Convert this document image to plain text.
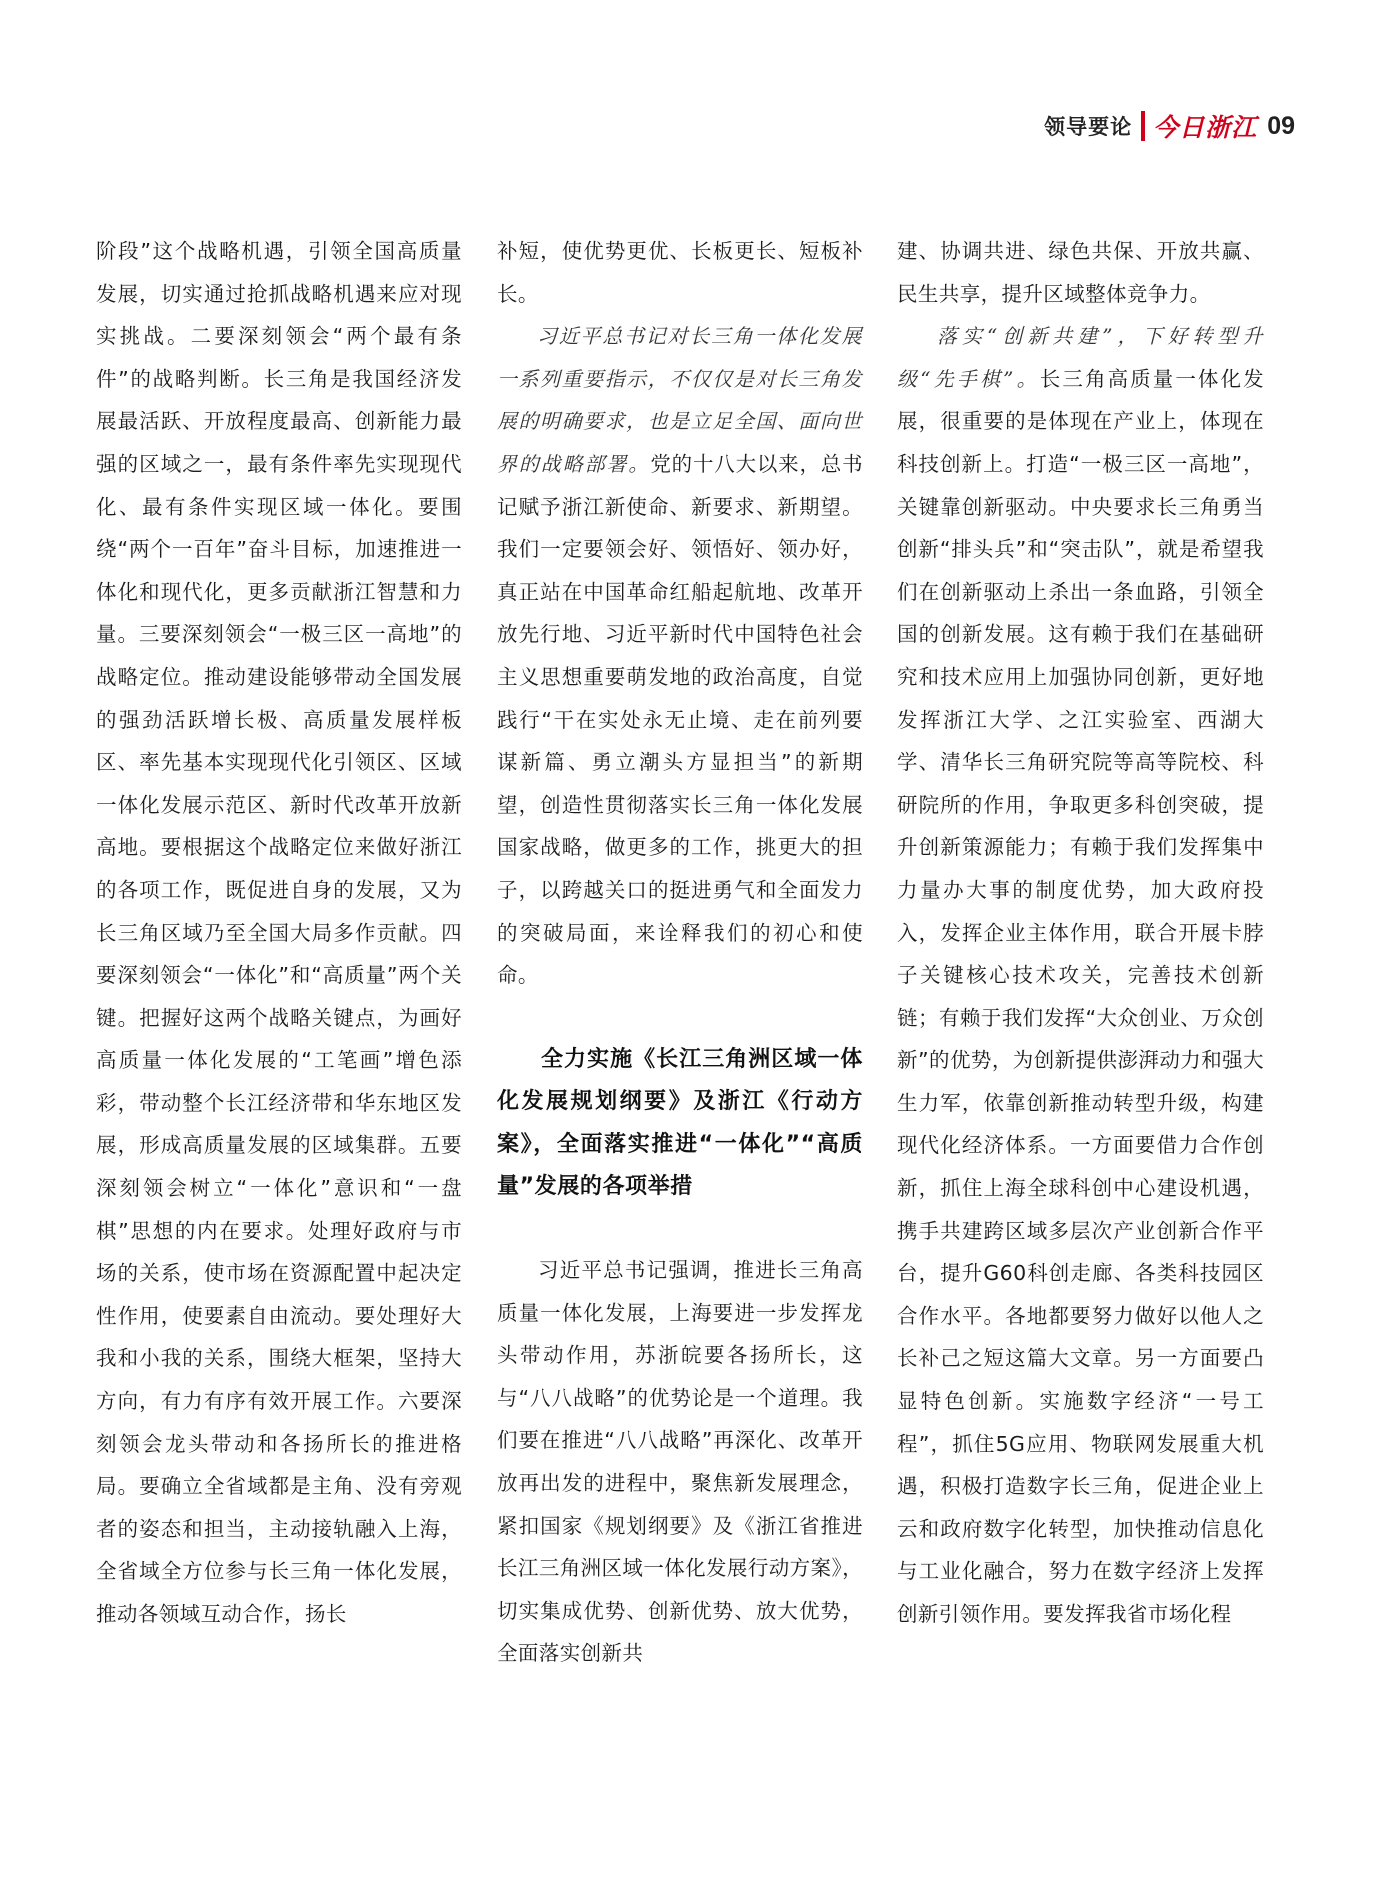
领导要论 今日浙江 09

阶段”这个战略机遇，引领全国高质量发展，切实通过抢抓战略机遇来应对现实挑战。二要深刻领会“两个最有条件”的战略判断。长三角是我国经济发展最活跃、开放程度最高、创新能力最强的区域之一，最有条件率先实现现代化、最有条件实现区域一体化。要围绕“两个一百年”奋斗目标，加速推进一体化和现代化，更多贡献浙江智慧和力量。三要深刻领会“一极三区一高地”的战略定位。推动建设能够带动全国发展的强劲活跃增长极、高质量发展样板区、率先基本实现现代化引领区、区域一体化发展示范区、新时代改革开放新高地。要根据这个战略定位来做好浙江的各项工作，既促进自身的发展，又为长三角区域乃至全国大局多作贡献。四要深刻领会“一体化”和“高质量”两个关键。把握好这两个战略关键点，为画好高质量一体化发展的“工笔画”增色添彩，带动整个长江经济带和华东地区发展，形成高质量发展的区域集群。五要深刻领会树立“一体化”意识和“一盘棋”思想的内在要求。处理好政府与市场的关系，使市场在资源配置中起决定性作用，使要素自由流动。要处理好大我和小我的关系，围绕大框架，坚持大方向，有力有序有效开展工作。六要深刻领会龙头带动和各扬所长的推进格局。要确立全省域都是主角、没有旁观者的姿态和担当，主动接轨融入上海，全省域全方位参与长三角一体化发展，推动各领域互动合作，扬长

补短，使优势更优、长板更长、短板补长。

习近平总书记对长三角一体化发展一系列重要指示，不仅仅是对长三角发展的明确要求，也是立足全国、面向世界的战略部署。党的十八大以来，总书记赋予浙江新使命、新要求、新期望。我们一定要领会好、领悟好、领办好，真正站在中国革命红船起航地、改革开放先行地、习近平新时代中国特色社会主义思想重要萌发地的政治高度，自觉践行“干在实处永无止境、走在前列要谋新篇、勇立潮头方显担当”的新期望，创造性贯彻落实长三角一体化发展国家战略，做更多的工作，挑更大的担子，以跨越关口的挺进勇气和全面发力的突破局面，来诠释我们的初心和使命。

全力实施《长江三角洲区域一体化发展规划纲要》及浙江《行动方案》，全面落实推进“一体化”“高质量”发展的各项举措

习近平总书记强调，推进长三角高质量一体化发展，上海要进一步发挥龙头带动作用，苏浙皖要各扬所长，这与“八八战略”的优势论是一个道理。我们要在推进“八八战略”再深化、改革开放再出发的进程中，聚焦新发展理念，紧扣国家《规划纲要》及《浙江省推进长江三角洲区域一体化发展行动方案》，切实集成优势、创新优势、放大优势，全面落实创新共

建、协调共进、绿色共保、开放共赢、民生共享，提升区域整体竞争力。

落实“创新共建”，下好转型升级“先手棋”。长三角高质量一体化发展，很重要的是体现在产业上，体现在科技创新上。打造“一极三区一高地”，关键靠创新驱动。中央要求长三角勇当创新“排头兵”和“突击队”，就是希望我们在创新驱动上杀出一条血路，引领全国的创新发展。这有赖于我们在基础研究和技术应用上加强协同创新，更好地发挥浙江大学、之江实验室、西湖大学、清华长三角研究院等高等院校、科研院所的作用，争取更多科创突破，提升创新策源能力；有赖于我们发挥集中力量办大事的制度优势，加大政府投入，发挥企业主体作用，联合开展卡脖子关键核心技术攻关，完善技术创新链；有赖于我们发挥“大众创业、万众创新”的优势，为创新提供澎湃动力和强大生力军，依靠创新推动转型升级，构建现代化经济体系。一方面要借力合作创新，抓住上海全球科创中心建设机遇，携手共建跨区域多层次产业创新合作平台，提升G60科创走廊、各类科技园区合作水平。各地都要努力做好以他人之长补己之短这篇大文章。另一方面要凸显特色创新。实施数字经济“一号工程”，抓住5G应用、物联网发展重大机遇，积极打造数字长三角，促进企业上云和政府数字化转型，加快推动信息化与工业化融合，努力在数字经济上发挥创新引领作用。要发挥我省市场化程
